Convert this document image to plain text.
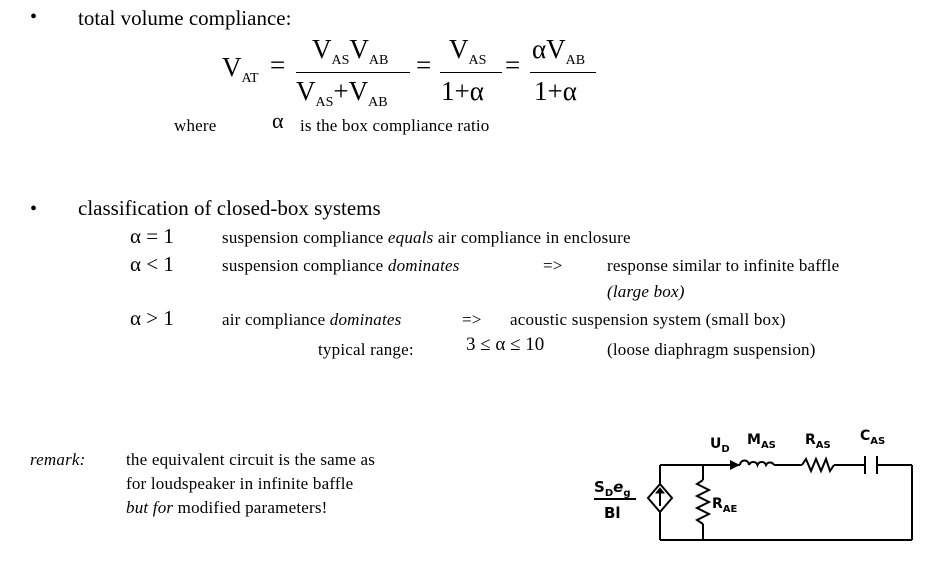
• total volume compliance:
$V_{AT}$ =
$V_{AS}V_{AB}$
$V_{AS}+V_{AB}$
=
$V_{AS}$
1+α
=
$\alpha V_{AB}$
1+α
where	α is the box compliance ratio
• classification of closed-box systems
α = 1	suspension compliance equals air compliance in enclosure
α < 1	suspension compliance dominates	=>	response similar to infinite baffle
(large box)
α > 1	air compliance dominates	=> acoustic suspension system (small box)
typical range:	3 ≤ α ≤ 10	(loose diaphragm suspension)
remark: the equivalent circuit is the same as
for loudspeaker in infinite baffle
but for modified parameters!
$S_De_g$
Bl
$U_D$
$M_{AS}$ $R_{AS}$
$C_{AS}$
$R_{AE}$
